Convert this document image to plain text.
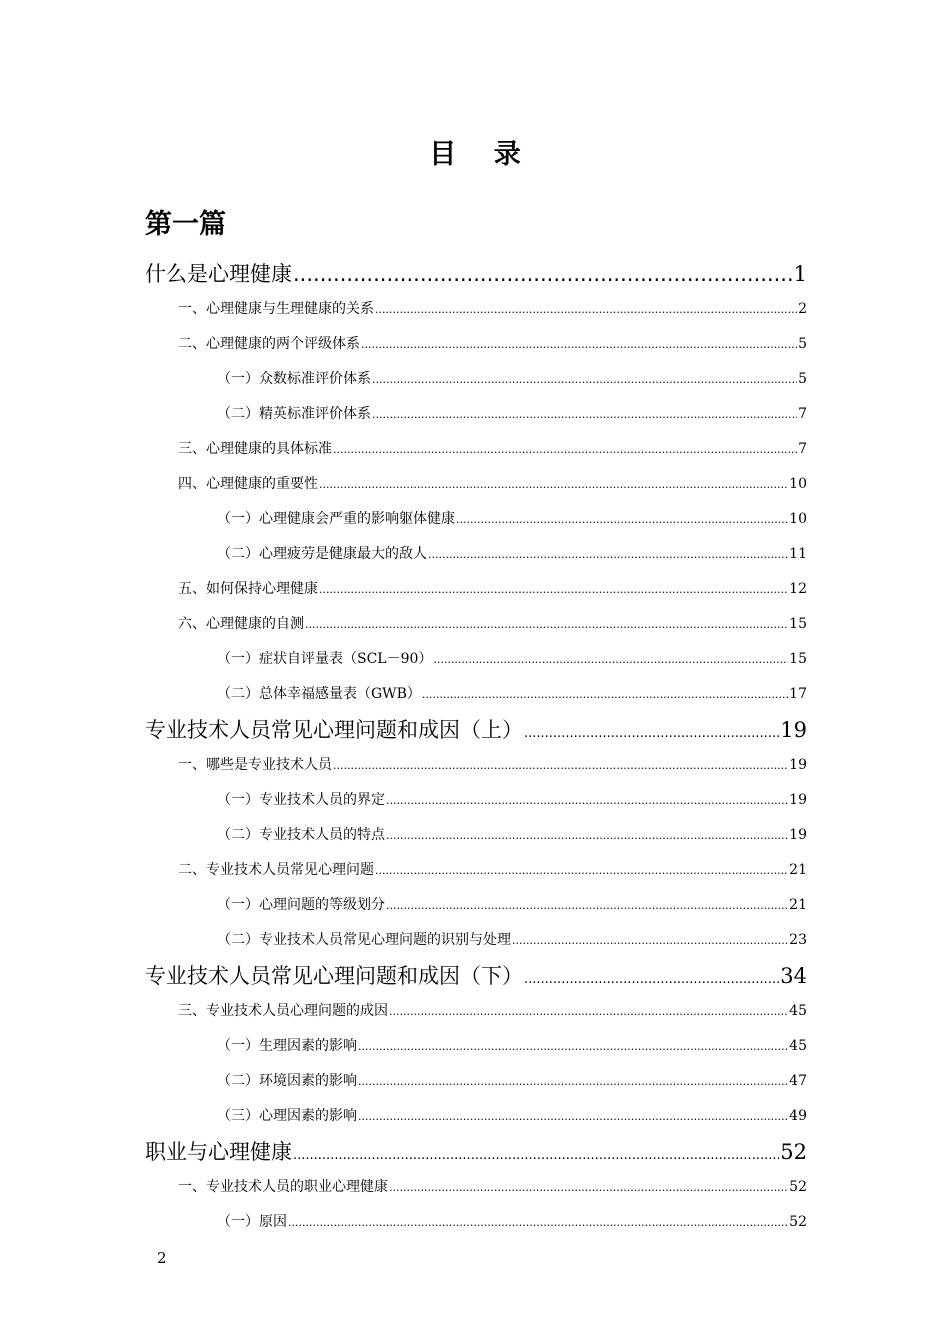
目 录
第一篇
什么是心理健康 .....	1
一、心理健康与生理健康的关系 .....	2
二、心理健康的两个评级体系 .....	5
（一）众数标准评价体系 .....	5
（二）精英标准评价体系 .....	7
三、心理健康的具体标准 .....	7
四、心理健康的重要性 .....	10
（一）心理健康会严重的影响躯体健康 .....	10
（二）心理疲劳是健康最大的敌人 .....	11
五、如何保持心理健康 .....	12
六、心理健康的自测 .....	15
（一）症状自评量表（SCL－90） .....	15
（二）总体幸福感量表（GWB） .....	17
专业技术人员常见心理问题和成因（上） .....	19
一、哪些是专业技术人员 .....	19
（一）专业技术人员的界定 .....	19
（二）专业技术人员的特点 .....	19
二、专业技术人员常见心理问题 .....	21
（一）心理问题的等级划分 .....	21
（二）专业技术人员常见心理问题的识别与处理 .....	23
专业技术人员常见心理问题和成因（下） .....	34
三、专业技术人员心理问题的成因 .....	45
（一）生理因素的影响 .....	45
（二）环境因素的影响 .....	47
（三）心理因素的影响 .....	49
职业与心理健康 .....	52
一、专业技术人员的职业心理健康 .....	52
（一）原因 .....	52
2
